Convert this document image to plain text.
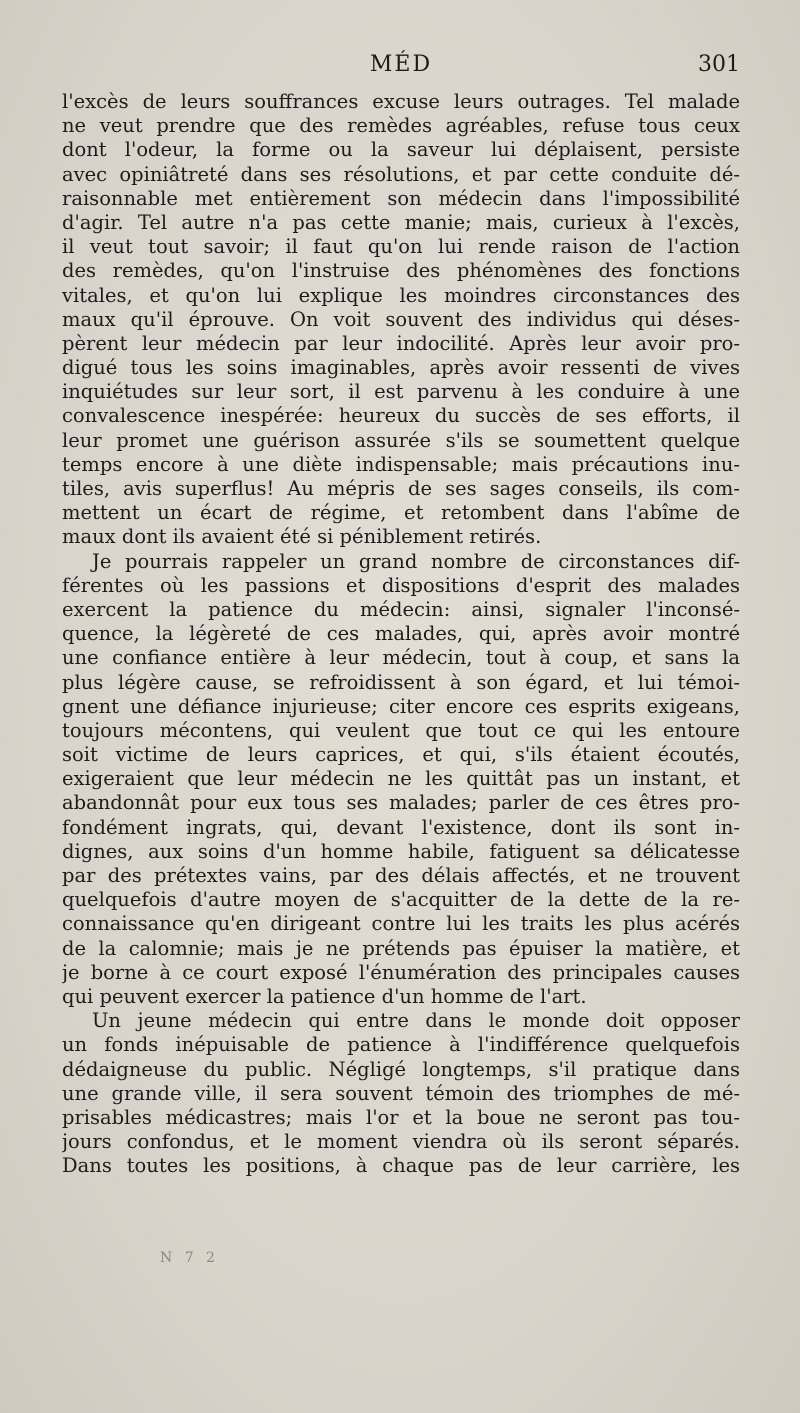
MÉD	301
l'excès de leurs souffrances excuse leurs outrages. Tel malade
ne veut prendre que des remèdes agréables, refuse tous ceux
dont l'odeur, la forme ou la saveur lui déplaisent, persiste
avec opiniâtreté dans ses résolutions, et par cette conduite dé-
raisonnable met entièrement son médecin dans l'impossibilité
d'agir. Tel autre n'a pas cette manie; mais, curieux à l'excès,
il veut tout savoir; il faut qu'on lui rende raison de l'action
des remèdes, qu'on l'instruise des phénomènes des fonctions
vitales, et qu'on lui explique les moindres circonstances des
maux qu'il éprouve. On voit souvent des individus qui déses-
pèrent leur médecin par leur indocilité. Après leur avoir pro-
digué tous les soins imaginables, après avoir ressenti de vives
inquiétudes sur leur sort, il est parvenu à les conduire à une
convalescence inespérée: heureux du succès de ses efforts, il
leur promet une guérison assurée s'ils se soumettent quelque
temps encore à une diète indispensable; mais précautions inu-
tiles, avis superflus! Au mépris de ses sages conseils, ils com-
mettent un écart de régime, et retombent dans l'abîme de
maux dont ils avaient été si péniblement retirés.
Je pourrais rappeler un grand nombre de circonstances dif-
férentes où les passions et dispositions d'esprit des malades
exercent la patience du médecin: ainsi, signaler l'inconsé-
quence, la légèreté de ces malades, qui, après avoir montré
une confiance entière à leur médecin, tout à coup, et sans la
plus légère cause, se refroidissent à son égard, et lui témoi-
gnent une défiance injurieuse; citer encore ces esprits exigeans,
toujours mécontens, qui veulent que tout ce qui les entoure
soit victime de leurs caprices, et qui, s'ils étaient écoutés,
exigeraient que leur médecin ne les quittât pas un instant, et
abandonnât pour eux tous ses malades; parler de ces êtres pro-
fondément ingrats, qui, devant l'existence, dont ils sont in-
dignes, aux soins d'un homme habile, fatiguent sa délicatesse
par des prétextes vains, par des délais affectés, et ne trouvent
quelquefois d'autre moyen de s'acquitter de la dette de la re-
connaissance qu'en dirigeant contre lui les traits les plus acérés
de la calomnie; mais je ne prétends pas épuiser la matière, et
je borne à ce court exposé l'énumération des principales causes
qui peuvent exercer la patience d'un homme de l'art.
Un jeune médecin qui entre dans le monde doit opposer
un fonds inépuisable de patience à l'indifférence quelquefois
dédaigneuse du public. Négligé longtemps, s'il pratique dans
une grande ville, il sera souvent témoin des triomphes de mé-
prisables médicastres; mais l'or et la boue ne seront pas tou-
jours confondus, et le moment viendra où ils seront séparés.
Dans toutes les positions, à chaque pas de leur carrière, les
N 7 2
